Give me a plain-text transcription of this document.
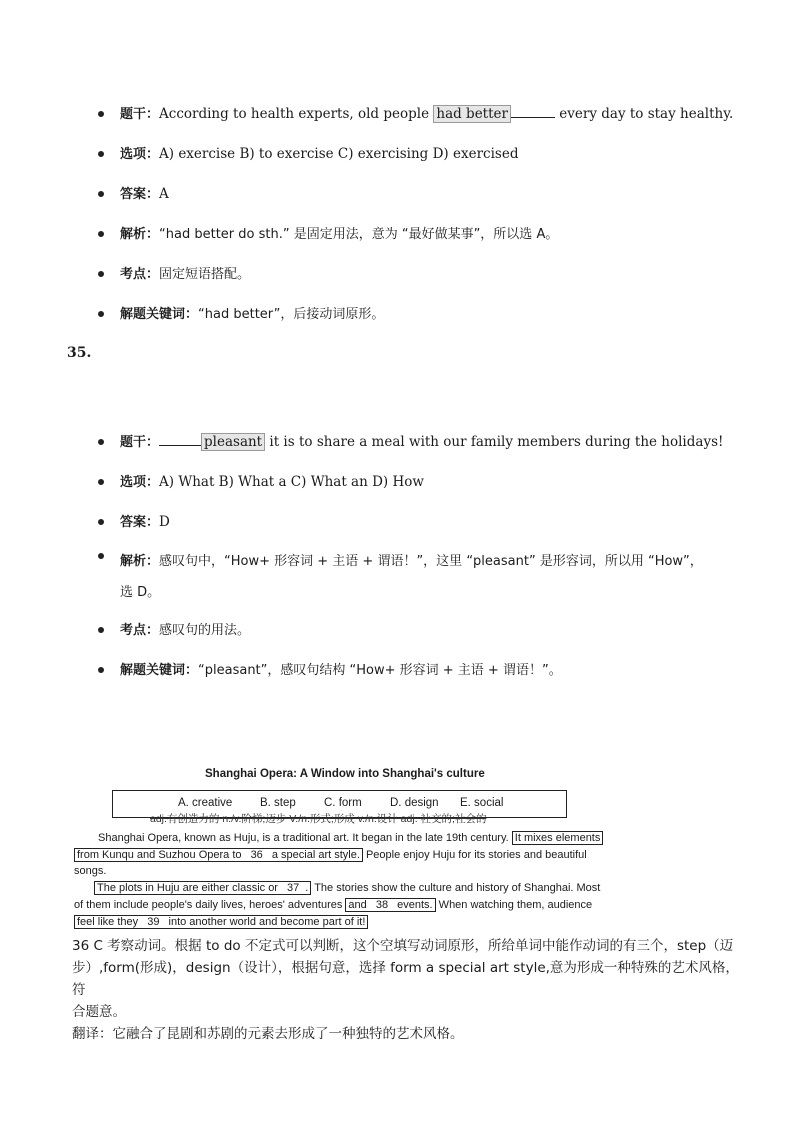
题干：According to health experts, old people had better	every day to stay healthy.
选项：A) exercise B) to exercise C) exercising D) exercised
答案：A
解析：“had better do sth.” 是固定用法，意为 “最好做某事”，所以选 A。
考点：固定短语搭配。
解题关键词：“had better”，后接动词原形。
35.
题干：	pleasant it is to share a meal with our family members during the holidays!
选项：A) What B) What a C) What an D) How
答案：D
解析：感叹句中，“How+ 形容词 + 主语 + 谓语！”，这里 “pleasant” 是形容词，所以用 “How”，
选 D。
考点：感叹句的用法。
解题关键词：“pleasant”，感叹句结构 “How+ 形容词 + 主语 + 谓语！”。
Shanghai Opera: A Window into Shanghai's culture
A. creative B. step C. form D. design E. social
adj.有创造力的 n./v.阶梯;迈步 V./n.形式;形成 v./n.设计 adj. 社交的;社会的
Shanghai Opera, known as Huju, is a traditional art. It began in the late 19th century. It mixes elements
from Kunqu and Suzhou Opera to 36 a special art style. People enjoy Huju for its stories and beautiful
songs.
The plots in Huju are either classic or 37 . The stories show the culture and history of Shanghai. Most
of them include people's daily lives, heroes' adventures and 38 events. When watching them, audience
feel like they 39 into another world and become part of it!
36 C 考察动词。根据 to do 不定式可以判断，这个空填写动词原形，所给单词中能作动词的有三个，step（迈
步）,form(形成)，design（设计），根据句意，选择 form a special art style,意为形成一种特殊的艺术风格，符
合题意。
翻译：它融合了昆剧和苏剧的元素去形成了一种独特的艺术风格。
